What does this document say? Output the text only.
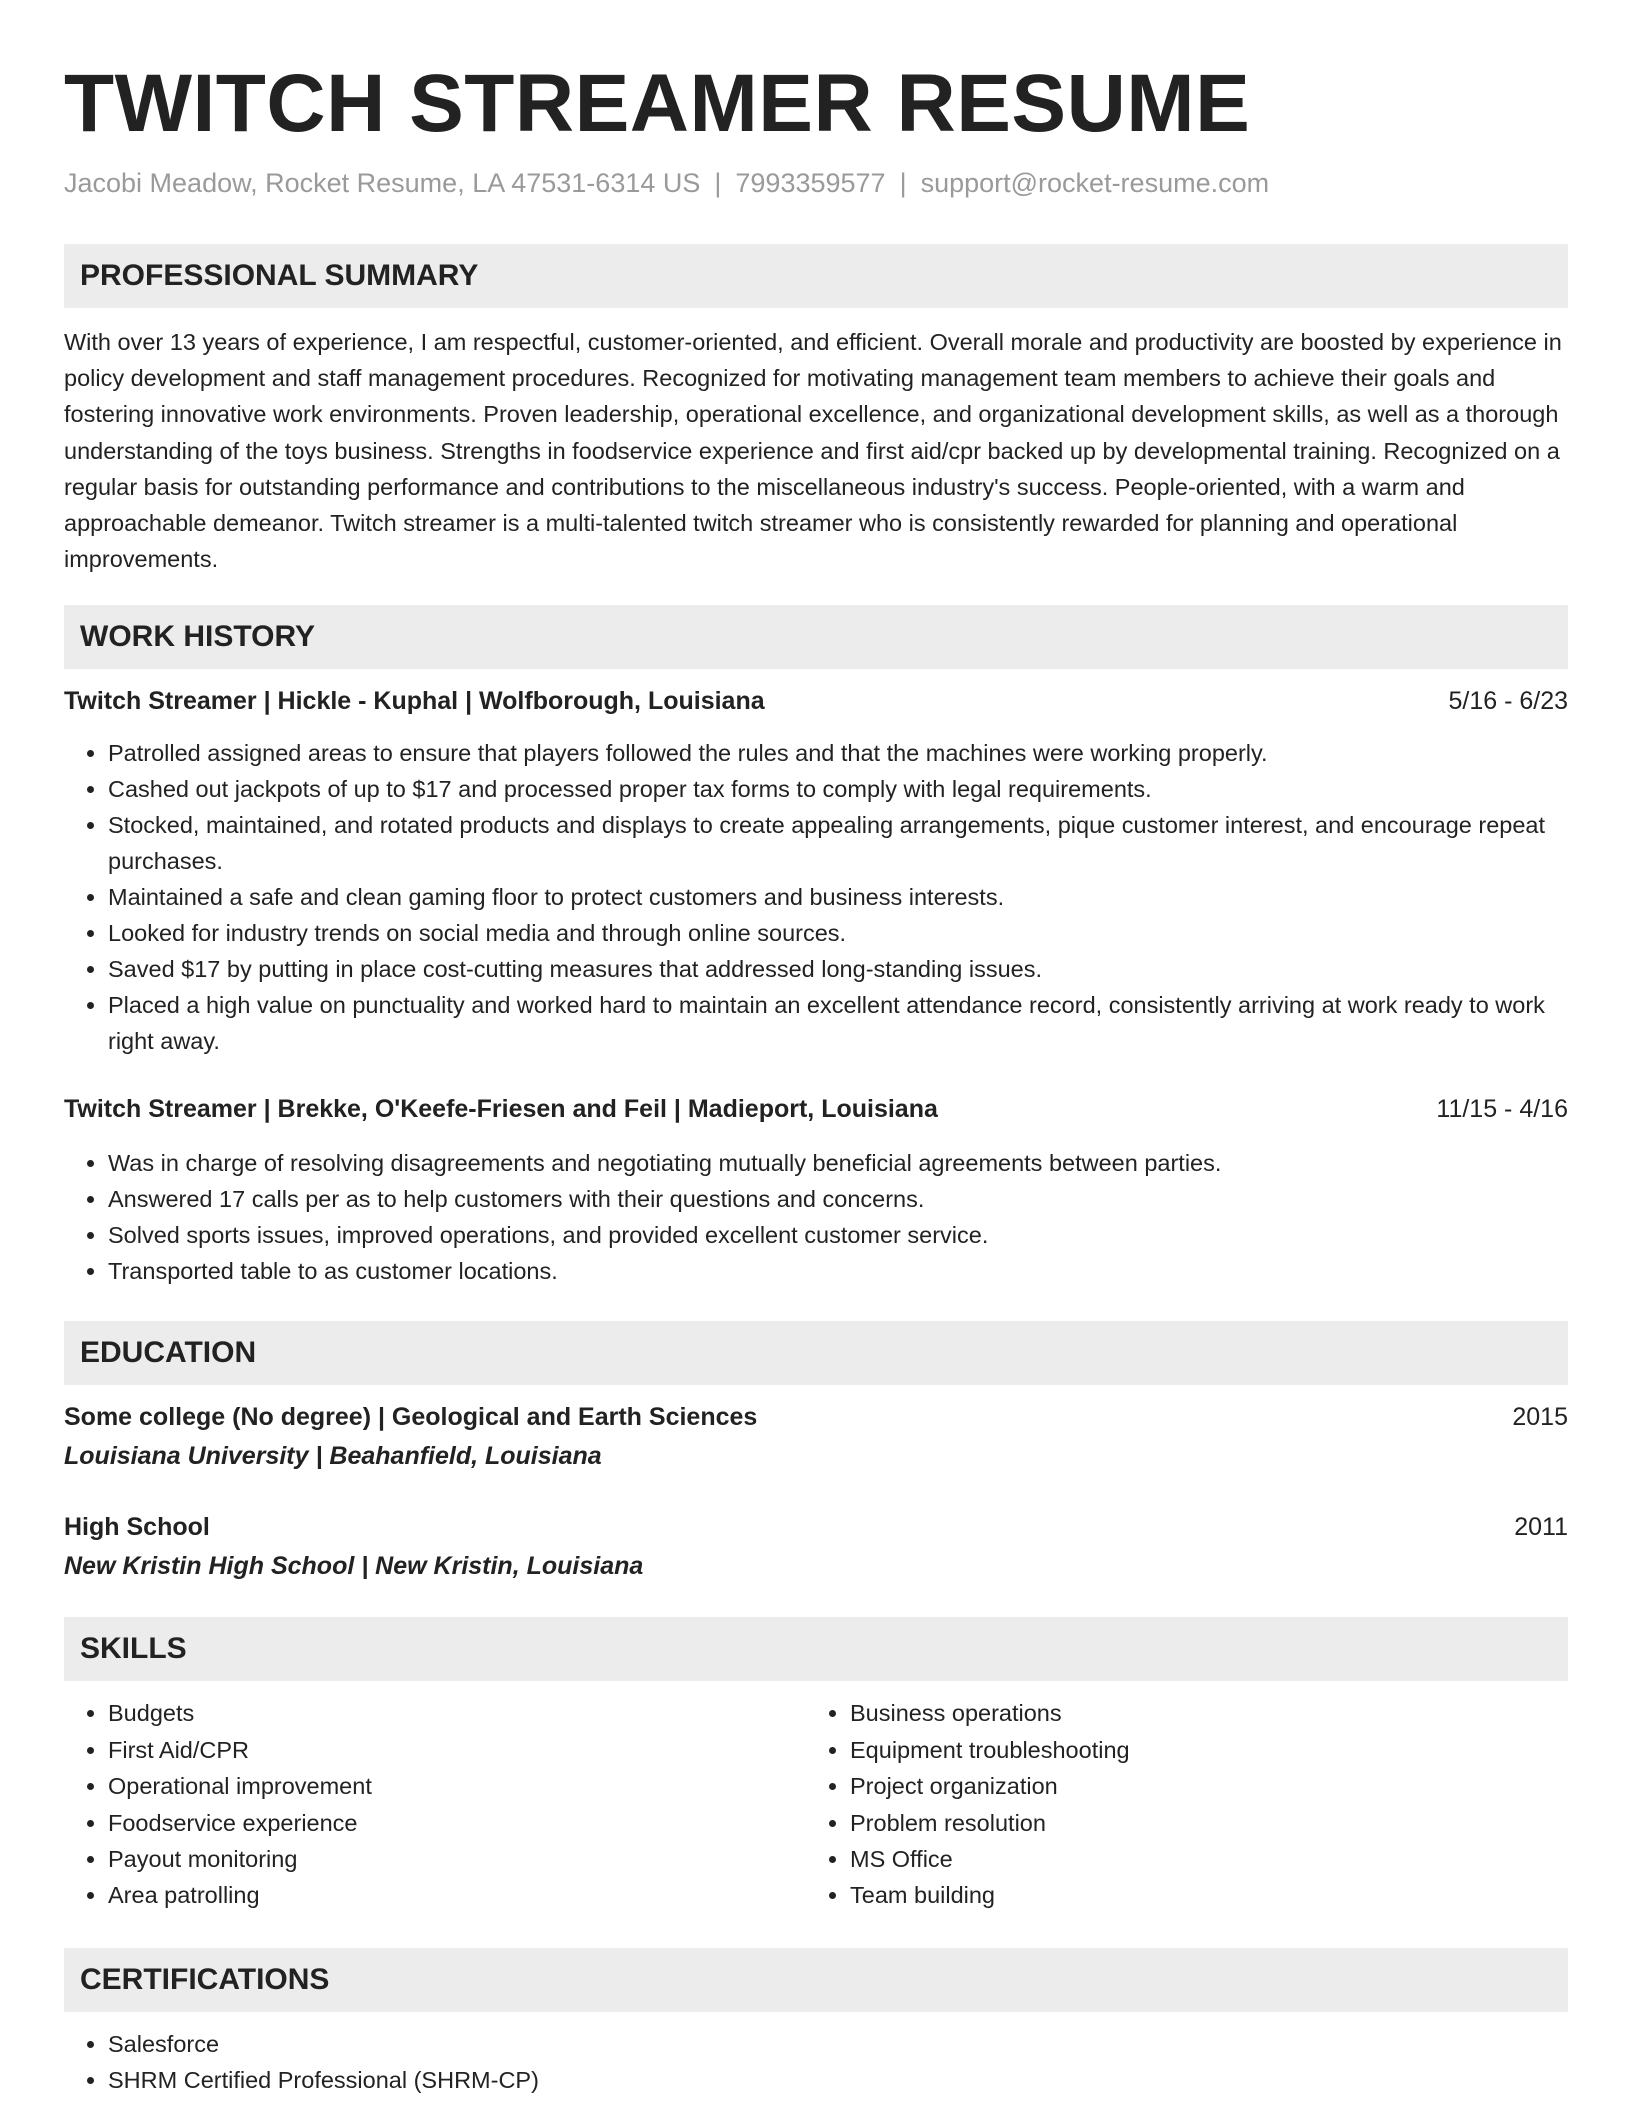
TWITCH STREAMER RESUME
Jacobi Meadow, Rocket Resume, LA 47531-6314 US | 7993359577 | support@rocket-resume.com
PROFESSIONAL SUMMARY

With over 13 years of experience, I am respectful, customer-oriented, and efficient. Overall morale and productivity are boosted by experience in policy development and staff management procedures. Recognized for motivating management team members to achieve their goals and fostering innovative work environments. Proven leadership, operational excellence, and organizational development skills, as well as a thorough understanding of the toys business. Strengths in foodservice experience and first aid/cpr backed up by developmental training. Recognized on a regular basis for outstanding performance and contributions to the miscellaneous industry's success. People-oriented, with a warm and approachable demeanor. Twitch streamer is a multi-talented twitch streamer who is consistently rewarded for planning and operational improvements.

WORK HISTORY
Twitch Streamer | Hickle - Kuphal | Wolfborough, Louisiana	5/16 - 6/23
• Patrolled assigned areas to ensure that players followed the rules and that the machines were working properly.
• Cashed out jackpots of up to $17 and processed proper tax forms to comply with legal requirements.
• Stocked, maintained, and rotated products and displays to create appealing arrangements, pique customer interest, and encourage repeat purchases.
• Maintained a safe and clean gaming floor to protect customers and business interests.
• Looked for industry trends on social media and through online sources.
• Saved $17 by putting in place cost-cutting measures that addressed long-standing issues.
• Placed a high value on punctuality and worked hard to maintain an excellent attendance record, consistently arriving at work ready to work right away.
Twitch Streamer | Brekke, O'Keefe-Friesen and Feil | Madieport, Louisiana	11/15 - 4/16
• Was in charge of resolving disagreements and negotiating mutually beneficial agreements between parties.
• Answered 17 calls per as to help customers with their questions and concerns.
• Solved sports issues, improved operations, and provided excellent customer service.
• Transported table to as customer locations.
EDUCATION
Some college (No degree) | Geological and Earth Sciences	2015
Louisiana University | Beahanfield, Louisiana
High School	2011
New Kristin High School | New Kristin, Louisiana
SKILLS
• Budgets
• First Aid/CPR
• Operational improvement
• Foodservice experience
• Payout monitoring
• Area patrolling
• Business operations
• Equipment troubleshooting
• Project organization
• Problem resolution
• MS Office
• Team building
CERTIFICATIONS
• Salesforce
• SHRM Certified Professional (SHRM-CP)
